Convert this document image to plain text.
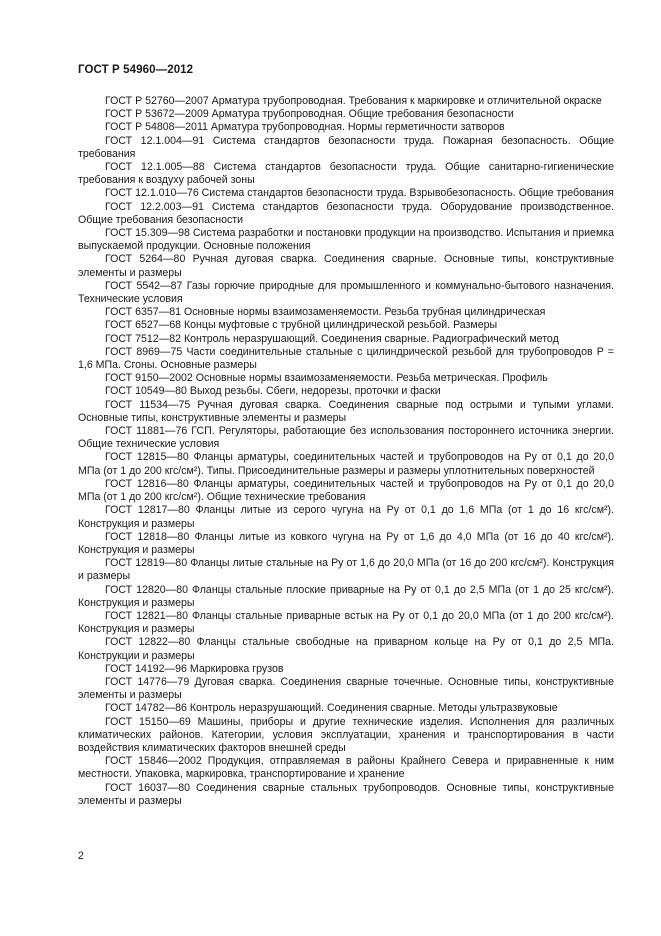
ГОСТ Р 54960—2012

ГОСТ Р 52760—2007 Арматура трубопроводная. Требования к маркировке и отличительной окраске

ГОСТ Р 53672—2009 Арматура трубопроводная. Общие требования безопасности

ГОСТ Р 54808—2011 Арматура трубопроводная. Нормы герметичности затворов

ГОСТ 12.1.004—91 Система стандартов безопасности труда. Пожарная безопасность. Общие требования

ГОСТ 12.1.005—88 Система стандартов безопасности труда. Общие санитарно-гигиенические требования к воздуху рабочей зоны

ГОСТ 12.1.010—76 Система стандартов безопасности труда. Взрывобезопасность. Общие требования

ГОСТ 12.2.003—91 Система стандартов безопасности труда. Оборудование производственное. Общие требования безопасности

ГОСТ 15.309—98 Система разработки и постановки продукции на производство. Испытания и приемка выпускаемой продукции. Основные положения

ГОСТ 5264—80 Ручная дуговая сварка. Соединения сварные. Основные типы, конструктивные элементы и размеры

ГОСТ 5542—87 Газы горючие природные для промышленного и коммунально-бытового назначения. Технические условия

ГОСТ 6357—81 Основные нормы взаимозаменяемости. Резьба трубная цилиндрическая

ГОСТ 6527—68 Концы муфтовые с трубной цилиндрической резьбой. Размеры

ГОСТ 7512—82 Контроль неразрушающий. Соединения сварные. Радиографический метод

ГОСТ 8969—75 Части соединительные стальные с цилиндрической резьбой для трубопроводов P = 1,6 МПа. Сгоны. Основные размеры

ГОСТ 9150—2002 Основные нормы взаимозаменяемости. Резьба метрическая. Профиль

ГОСТ 10549—80 Выход резьбы. Сбеги, недорезы, проточки и фаски

ГОСТ 11534—75 Ручная дуговая сварка. Соединения сварные под острыми и тупыми углами. Основные типы, конструктивные элементы и размеры

ГОСТ 11881—76 ГСП. Регуляторы, работающие без использования постороннего источника энергии. Общие технические условия

ГОСТ 12815—80 Фланцы арматуры, соединительных частей и трубопроводов на Pу от 0,1 до 20,0 МПа (от 1 до 200 кгс/см²). Типы. Присоединительные размеры и размеры уплотнительных поверхностей

ГОСТ 12816—80 Фланцы арматуры, соединительных частей и трубопроводов на Pу от 0,1 до 20,0 МПа (от 1 до 200 кгс/см²). Общие технические требования

ГОСТ 12817—80 Фланцы литые из серого чугуна на Pу от 0,1 до 1,6 МПа (от 1 до 16 кгс/см²). Конструкция и размеры

ГОСТ 12818—80 Фланцы литые из ковкого чугуна на Pу от 1,6 до 4,0 МПа (от 16 до 40 кгс/см²). Конструкция и размеры

ГОСТ 12819—80 Фланцы литые стальные на Pу от 1,6 до 20,0 МПа (от 16 до 200 кгс/см²). Конструкция и размеры

ГОСТ 12820—80 Фланцы стальные плоские приварные на Pу от 0,1 до 2,5 МПа (от 1 до 25 кгс/см²). Конструкция и размеры

ГОСТ 12821—80 Фланцы стальные приварные встык на Pу от 0,1 до 20,0 МПа (от 1 до 200 кгс/см²). Конструкция и размеры

ГОСТ 12822—80 Фланцы стальные свободные на приварном кольце на Pу от 0,1 до 2,5 МПа. Конструкции и размеры

ГОСТ 14192—96 Маркировка грузов

ГОСТ 14776—79 Дуговая сварка. Соединения сварные точечные. Основные типы, конструктивные элементы и размеры

ГОСТ 14782—86 Контроль неразрушающий. Соединения сварные. Методы ультразвуковые

ГОСТ 15150—69 Машины, приборы и другие технические изделия. Исполнения для различных климатических районов. Категории, условия эксплуатации, хранения и транспортирования в части воздействия климатических факторов внешней среды

ГОСТ 15846—2002 Продукция, отправляемая в районы Крайнего Севера и приравненные к ним местности. Упаковка, маркировка, транспортирование и хранение

ГОСТ 16037—80 Соединения сварные стальных трубопроводов. Основные типы, конструктивные элементы и размеры

2
